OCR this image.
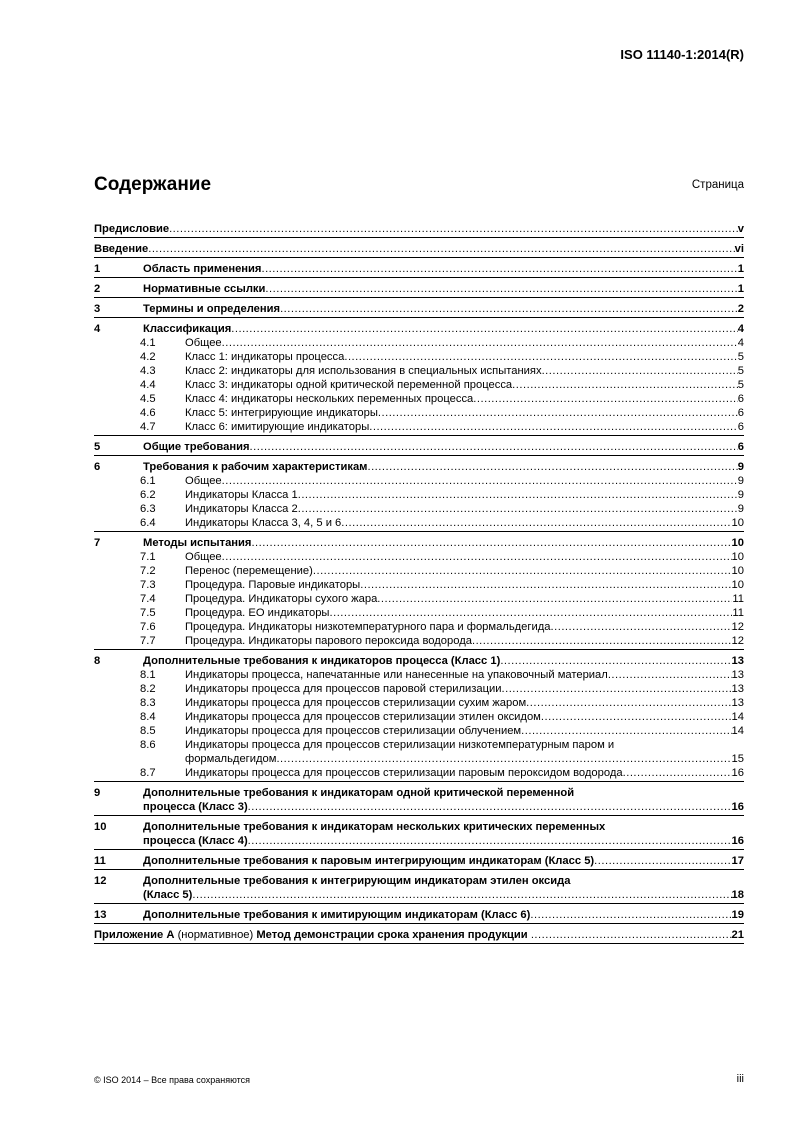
ISO 11140-1:2014(R)
Содержание	Страница
Предисловие .....	v
Введение .....	vi
1	Область применения .....	1
2	Нормативные ссылки .....	1
3	Термины и определения .....	2
4	Классификация .....	4
4.1	Общее .....	4
4.2	Класс 1: индикаторы процесса .....	5
4.3	Класс 2: индикаторы для использования в специальных испытаниях .....	5
4.4	Класс 3: индикаторы одной критической переменной процесса .....	5
4.5	Класс 4: индикаторы нескольких переменных процесса .....	6
4.6	Класс 5: интегрирующие индикаторы .....	6
4.7	Класс 6: имитирующие индикаторы .....	6
5	Общие требования .....	6
6	Требования к рабочим характеристикам .....	9
6.1	Общее .....	9
6.2	Индикаторы Класса 1 .....	9
6.3	Индикаторы Класса 2 .....	9
6.4	Индикаторы Класса 3, 4, 5 и 6 .....	10
7	Методы испытания .....	10
7.1	Общее .....	10
7.2	Перенос (перемещение) .....	10
7.3	Процедура. Паровые индикаторы .....	10
7.4	Процедура. Индикаторы сухого жара .....	11
7.5	Процедура. ЕО индикаторы .....	11
7.6	Процедура. Индикаторы низкотемпературного пара и формальдегида .....	12
7.7	Процедура. Индикаторы парового пероксида водорода .....	12
8	Дополнительные требования к индикаторов процесса (Класс 1) .....	13
8.1	Индикаторы процесса, напечатанные или нанесенные на упаковочный материал .....	13
8.2	Индикаторы процесса для процессов паровой стерилизации .....	13
8.3	Индикаторы процесса для процессов стерилизации сухим жаром .....	13
8.4	Индикаторы процесса для процессов стерилизации этилен оксидом .....	14
8.5	Индикаторы процесса для процессов стерилизации облучением .....	14
8.6	Индикаторы процесса для процессов стерилизации низкотемпературным паром и
формальдегидом .....	15
8.7	Индикаторы процесса для процессов стерилизации паровым пероксидом водорода .....	16
9	Дополнительные требования к индикаторам одной критической переменной
процесса (Класс 3) .....	16
10	Дополнительные требования к индикаторам нескольких критических переменных
процесса (Класс 4) .....	16
11	Дополнительные требования к паровым интегрирующим индикаторам (Класс 5) .....	17
12	Дополнительные требования к интегрирующим индикаторам этилен оксида
(Класс 5) .....	18
13	Дополнительные требования к имитирующим индикаторам (Класс 6) .....	19
Приложение А (нормативное) Метод демонстрации срока хранения продукции .....	21
© ISO 2014 – Все права сохраняются	iii
